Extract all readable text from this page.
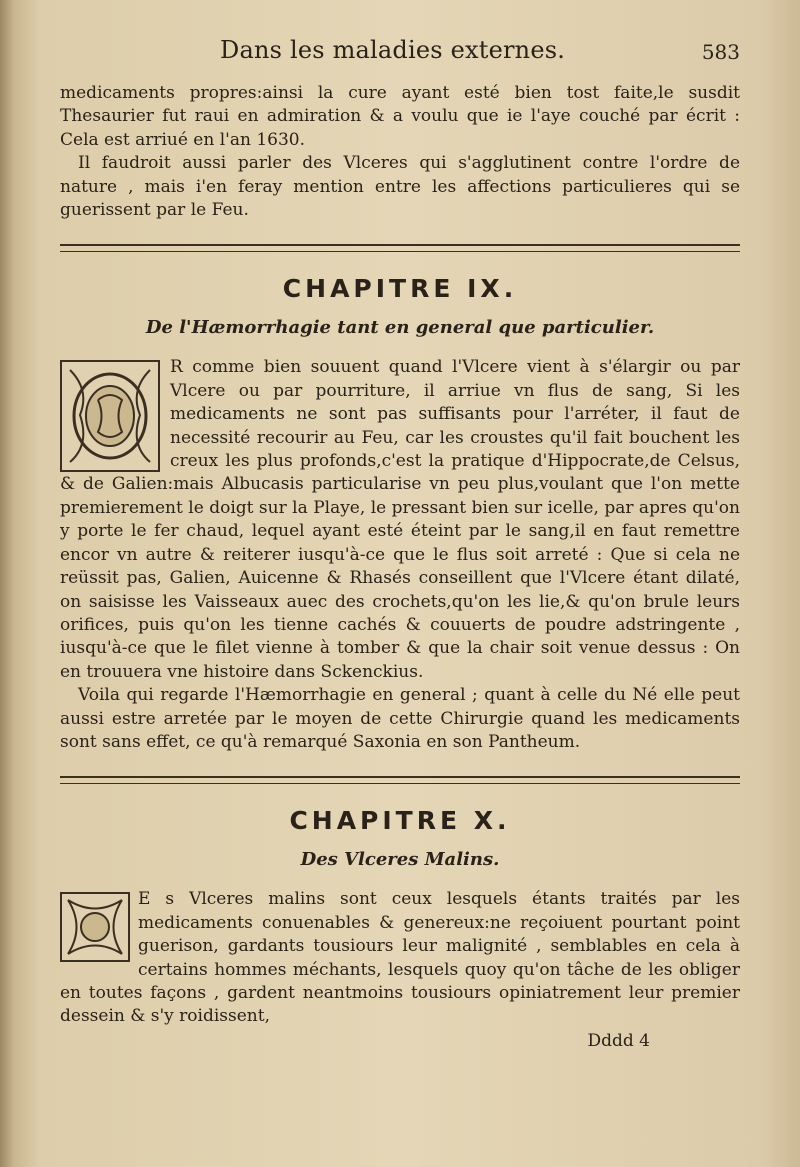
Dans les maladies externes.	583

medicaments propres:ainsi la cure ayant esté bien tost faite,le susdit Thesaurier fut raui en admiration & a voulu que ie l'aye couché par écrit : Cela est arriué en l'an 1630.

Il faudroit aussi parler des Vlceres qui s'agglutinent contre l'ordre de nature , mais i'en feray mention entre les affections particulieres qui se guerissent par le Feu.

CHAPITRE IX.
De l'Hæmorrhagie tant en general que particulier.

R comme bien souuent quand l'Vlcere vient à s'élargir ou par Vlcere ou par pourriture, il arriue vn flus de sang, Si les medicaments ne sont pas suffisants pour l'arréter, il faut de necessité recourir au Feu, car les croustes qu'il fait bouchent les creux les plus profonds,c'est la pratique d'Hippocrate,de Celsus, & de Galien:mais Albucasis particularise vn peu plus,voulant que l'on mette premierement le doigt sur la Playe, le pressant bien sur icelle, par apres qu'on y porte le fer chaud, lequel ayant esté éteint par le sang,il en faut remettre encor vn autre & reiterer iusqu'à-ce que le flus soit arreté : Que si cela ne reüssit pas, Galien, Auicenne & Rhasés conseillent que l'Vlcere étant dilaté, on saisisse les Vaisseaux auec des crochets,qu'on les lie,& qu'on brule leurs orifices, puis qu'on les tienne cachés & couuerts de poudre adstringente , iusqu'à-ce que le filet vienne à tomber & que la chair soit venue dessus : On en trouuera vne histoire dans Sckenckius.

Voila qui regarde l'Hæmorrhagie en general ; quant à celle du Né elle peut aussi estre arretée par le moyen de cette Chirurgie quand les medicaments sont sans effet, ce qu'à remarqué Saxonia en son Pantheum.

CHAPITRE X.
Des Vlceres Malins.

E s Vlceres malins sont ceux lesquels étants traités par les medicaments conuenables & genereux:ne reçoiuent pourtant point guerison, gardants tousiours leur malignité , semblables en cela à certains hommes méchants, lesquels quoy qu'on tâche de les obliger en toutes façons , gardent neantmoins tousiours opiniatrement leur premier dessein & s'y roidissent,

Dddd 4
